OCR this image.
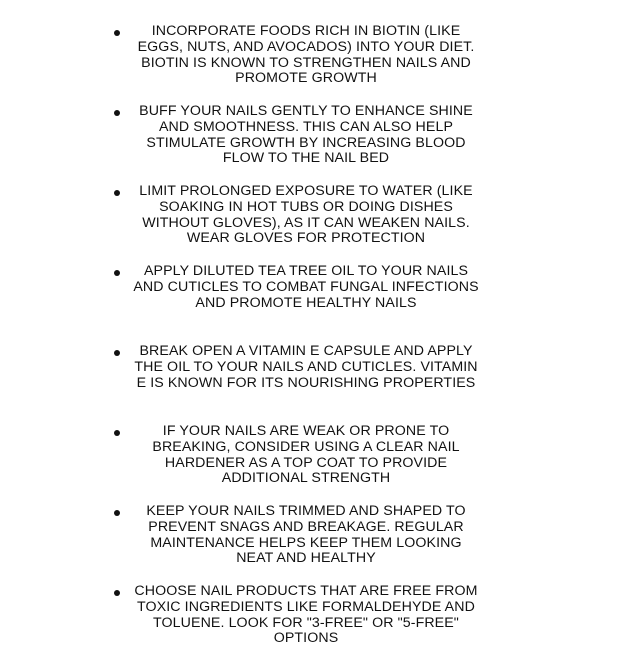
INCORPORATE FOODS RICH IN BIOTIN (LIKE EGGS, NUTS, AND AVOCADOS) INTO YOUR DIET. BIOTIN IS KNOWN TO STRENGTHEN NAILS AND PROMOTE GROWTH
BUFF YOUR NAILS GENTLY TO ENHANCE SHINE AND SMOOTHNESS. THIS CAN ALSO HELP STIMULATE GROWTH BY INCREASING BLOOD FLOW TO THE NAIL BED
LIMIT PROLONGED EXPOSURE TO WATER (LIKE SOAKING IN HOT TUBS OR DOING DISHES WITHOUT GLOVES), AS IT CAN WEAKEN NAILS. WEAR GLOVES FOR PROTECTION
APPLY DILUTED TEA TREE OIL TO YOUR NAILS AND CUTICLES TO COMBAT FUNGAL INFECTIONS AND PROMOTE HEALTHY NAILS
BREAK OPEN A VITAMIN E CAPSULE AND APPLY THE OIL TO YOUR NAILS AND CUTICLES. VITAMIN E IS KNOWN FOR ITS NOURISHING PROPERTIES
IF YOUR NAILS ARE WEAK OR PRONE TO BREAKING, CONSIDER USING A CLEAR NAIL HARDENER AS A TOP COAT TO PROVIDE ADDITIONAL STRENGTH
KEEP YOUR NAILS TRIMMED AND SHAPED TO PREVENT SNAGS AND BREAKAGE. REGULAR MAINTENANCE HELPS KEEP THEM LOOKING NEAT AND HEALTHY
CHOOSE NAIL PRODUCTS THAT ARE FREE FROM TOXIC INGREDIENTS LIKE FORMALDEHYDE AND TOLUENE. LOOK FOR "3-FREE" OR "5-FREE" OPTIONS
